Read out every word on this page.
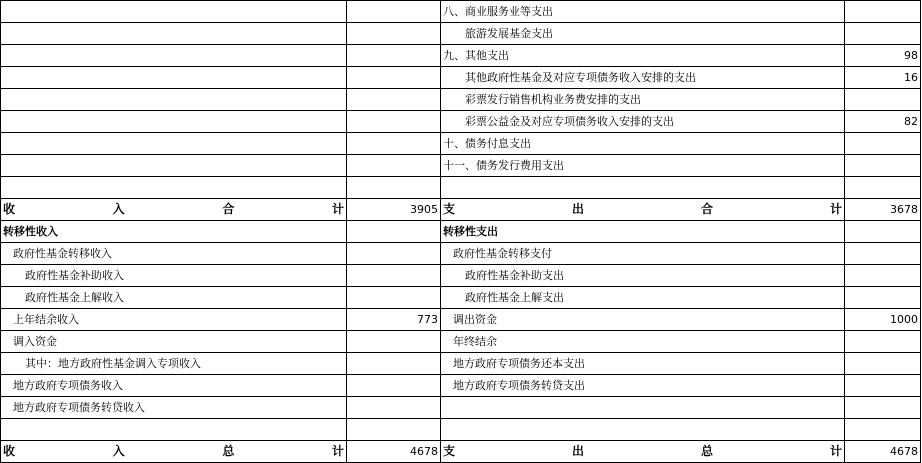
		八、商业服务业等支出	
		旅游发展基金支出	
		九、其他支出	98
		其他政府性基金及对应专项债务收入安排的支出	16
		彩票发行销售机构业务费安排的支出	
		彩票公益金及对应专项债务收入安排的支出	82
		十、债务付息支出	
		十一、债务发行费用支出	

收 入 合 计	3905	支 出 合 计	3678
转移性收入		转移性支出	
政府性基金转移收入		政府性基金转移支付	
政府性基金补助收入		政府性基金补助支出	
政府性基金上解收入		政府性基金上解支出	
上年结余收入	773	调出资金	1000
调入资金		年终结余	
其中：地方政府性基金调入专项收入		地方政府专项债务还本支出	
地方政府专项债务收入		地方政府专项债务转贷支出	
地方政府专项债务转贷收入			

收 入 总 计	4678	支 出 总 计	4678
